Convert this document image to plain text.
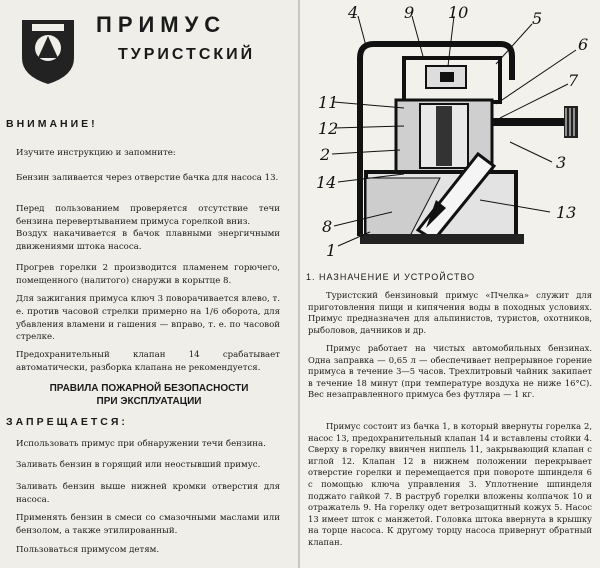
ПРИМУС
ТУРИСТСКИЙ
ВНИМАНИЕ!

Изучите инструкцию и запомните:

Бензин заливается через отверстие бачка для насоса 13.

Перед пользованием проверяется отсутствие течи бензина перевертыванием примуса горелкой вниз.

Воздух накачивается в бачок плавными энергичными движениями штока насоса.

Прогрев горелки 2 производится пламенем горючего, помещенного (налитого) снаружи в корытце 8.

Для зажигания примуса ключ 3 поворачивается влево, т. е. против часовой стрелки примерно на 1/6 оборота, для убавления вламени и гашения — вправо, т. е. по часовой стрелке.

Предохранительный клапан 14 срабатывает автоматически, разборка клапана не рекомендуется.

ПРАВИЛА ПОЖАРНОЙ БЕЗОПАСНОСТИ
ПРИ ЭКСПЛУАТАЦИИ
ЗАПРЕЩАЕТСЯ:

Использовать примус при обнаружении течи бензина.

Заливать бензин в горящий или неостывший примус.

Заливать бензин выше нижней кромки отверстия для насоса.

Применять бензин в смеси со смазочными маслами или бензолом, а также этилированный.

Пользоваться примусом детям.

4	9 10	5
6
7
11
12
2
14
3
13
8
1
1. НАЗНАЧЕНИЕ И УСТРОЙСТВО

Туристский бензиновый примус «Пчелка» служит для приготовления пищи и кипячения воды в походных условиях. Примус предназначен для альпинистов, туристов, охотников, рыболовов, дачников и др.

Примус работает на чистых автомобильных бензинах. Одна заправка — 0,65 л — обеспечивает непрерывное горение примуса в течение 3—5 часов. Трехлитровый чайник закипает в течение 18 минут (при температуре воздуха не ниже 16°С). Вес незаправленного примуса без футляра — 1 кг.

Примус состоит из бачка 1, в который ввернуты горелка 2, насос 13, предохранительный клапан 14 и вставлены стойки 4. Сверху в горелку ввинчен ниппель 11, закрывающий клапан с иглой 12. Клапан 12 в нижнем положении перекрывает отверстие горелки и перемещается при повороте шпинделя 6 с помощью ключа управления 3. Уплотнение шпинделя поджато гайкой 7. В раструб горелки вложены колпачок 10 и отражатель 9. На горелку одет ветрозащитный кожух 5. Насос 13 имеет шток с манжетой. Головка штока ввернута в крышку на торце насоса. К другому торцу насоса привернут обратный клапан.
